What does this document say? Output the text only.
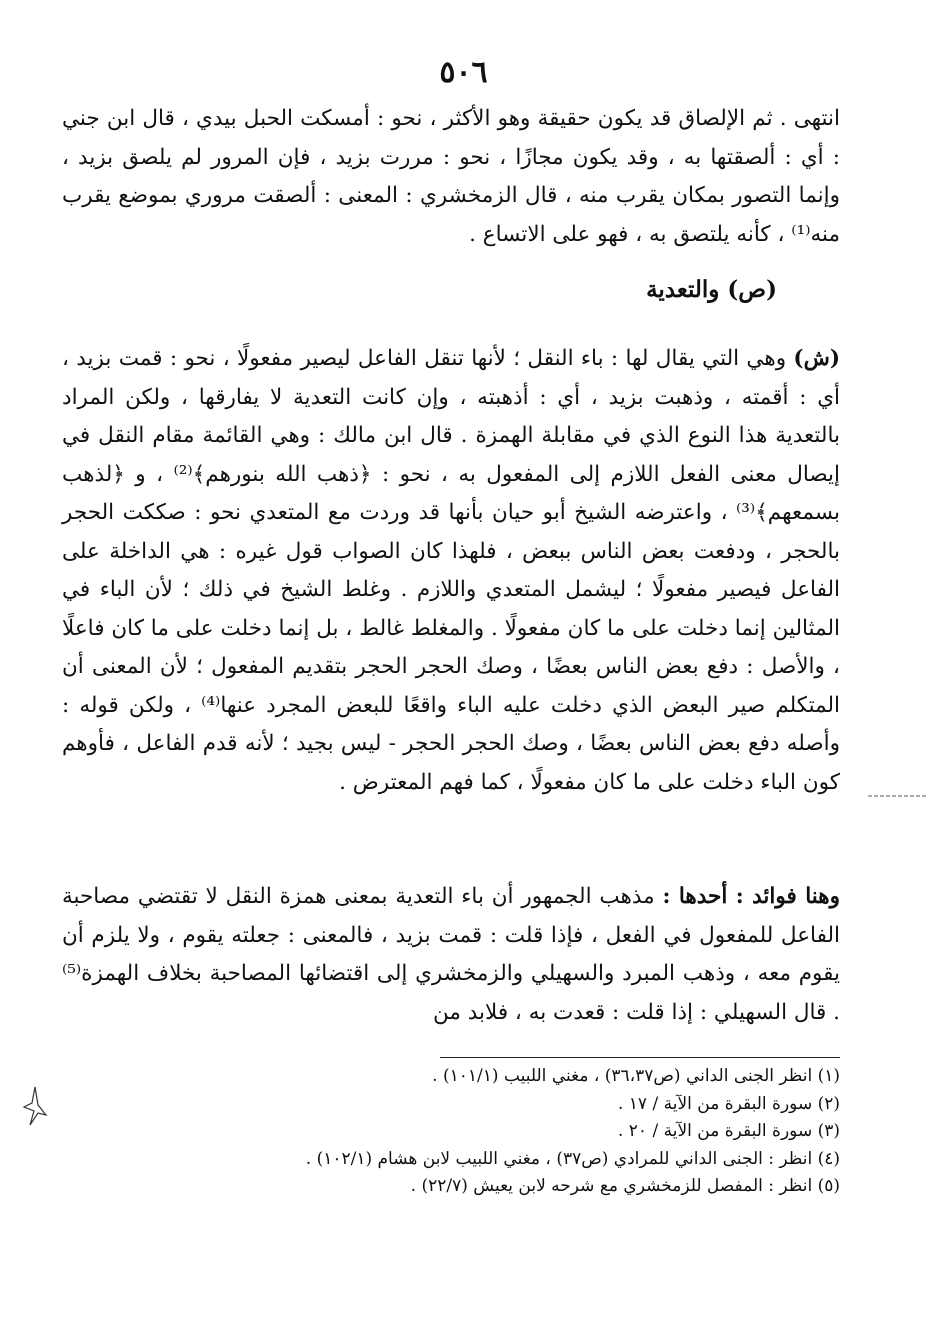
٥٠٦
انتهى . ثم الإلصاق قد يكون حقيقة وهو الأكثر ، نحو : أمسكت الحبل بيدي ، قال ابن جني : أي : ألصقتها به ، وقد يكون مجازًا ، نحو : مررت بزيد ، فإن المرور لم يلصق بزيد ، وإنما التصور بمكان يقرب منه ، قال الزمخشري : المعنى : ألصقت مروري بموضع يقرب منه⁽¹⁾ ، كأنه يلتصق به ، فهو على الاتساع .
(ص) والتعدية
(ش) وهي التي يقال لها : باء النقل ؛ لأنها تنقل الفاعل ليصير مفعولًا ، نحو : قمت بزيد ، أي : أقمته ، وذهبت بزيد ، أي : أذهبته ، وإن كانت التعدية لا يفارقها ، ولكن المراد بالتعدية هذا النوع الذي في مقابلة الهمزة . قال ابن مالك : وهي القائمة مقام النقل في إيصال معنى الفعل اللازم إلى المفعول به ، نحو : ﴿ذهب الله بنورهم﴾⁽²⁾ ، و ﴿لذهب بسمعهم﴾⁽³⁾ ، واعترضه الشيخ أبو حيان بأنها قد وردت مع المتعدي نحو : صككت الحجر بالحجر ، ودفعت بعض الناس ببعض ، فلهذا كان الصواب قول غيره : هي الداخلة على الفاعل فيصير مفعولًا ؛ ليشمل المتعدي واللازم . وغلط الشيخ في ذلك ؛ لأن الباء في المثالين إنما دخلت على ما كان مفعولًا . والمغلط غالط ، بل إنما دخلت على ما كان فاعلًا ، والأصل : دفع بعض الناس بعضًا ، وصك الحجر الحجر بتقديم المفعول ؛ لأن المعنى أن المتكلم صير البعض الذي دخلت عليه الباء واقعًا للبعض المجرد عنها⁽⁴⁾ ، ولكن قوله : وأصله دفع بعض الناس بعضًا ، وصك الحجر الحجر - ليس بجيد ؛ لأنه قدم الفاعل ، فأوهم كون الباء دخلت على ما كان مفعولًا ، كما فهم المعترض .
وهنا فوائد : أحدها : مذهب الجمهور أن باء التعدية بمعنى همزة النقل لا تقتضي مصاحبة الفاعل للمفعول في الفعل ، فإذا قلت : قمت بزيد ، فالمعنى : جعلته يقوم ، ولا يلزم أن يقوم معه ، وذهب المبرد والسهيلي والزمخشري إلى اقتضائها المصاحبة بخلاف الهمزة⁽⁵⁾ . قال السهيلي : إذا قلت : قعدت به ، فلابد من
(١) انظر الجنى الداني (ص٣٦،٣٧) ، مغني اللبيب (١٠١/١) .
(٢) سورة البقرة من الآية / ١٧ .
(٣) سورة البقرة من الآية / ٢٠ .
(٤) انظر : الجنى الداني للمرادي (ص٣٧) ، مغني اللبيب لابن هشام (١٠٢/١) .
(٥) انظر : المفصل للزمخشري مع شرحه لابن يعيش (٢٢/٧) .
